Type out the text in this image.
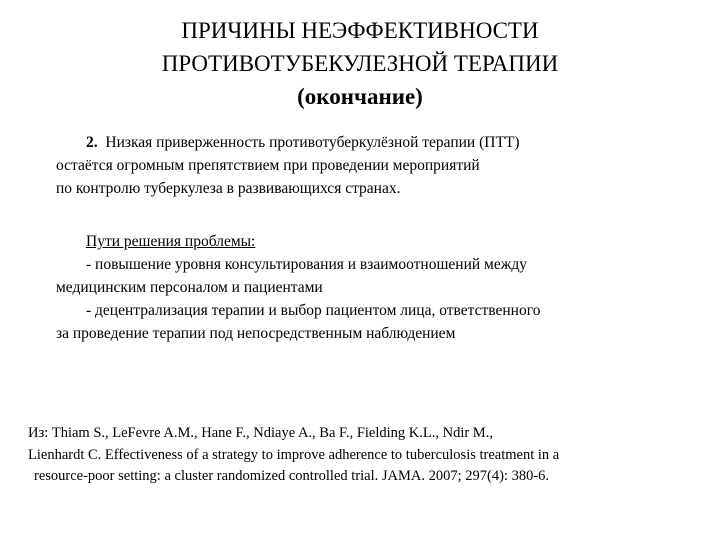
ПРИЧИНЫ НЕЭФФЕКТИВНОСТИ
ПРОТИВОТУБЕКУЛЕЗНОЙ ТЕРАПИИ
(окончание)
2. Низкая приверженность противотуберкулёзной терапии (ПТТ)
остаётся огромным препятствием при проведении мероприятий
по контролю туберкулеза в развивающихся странах.
Пути решения проблемы:
- повышение уровня консультирования и взаимоотношений между
медицинским персоналом и пациентами
- децентрализация терапии и выбор пациентом лица, ответственного
за проведение терапии под непосредственным наблюдением
Из: Thiam S., LeFevre A.M., Hane F., Ndiaye A., Ba F., Fielding K.L., Ndir M.,
Lienhardt C. Effectiveness of a strategy to improve adherence to tuberculosis treatment in a
resource-poor setting: a cluster randomized controlled trial. JAMA. 2007; 297(4): 380-6.
